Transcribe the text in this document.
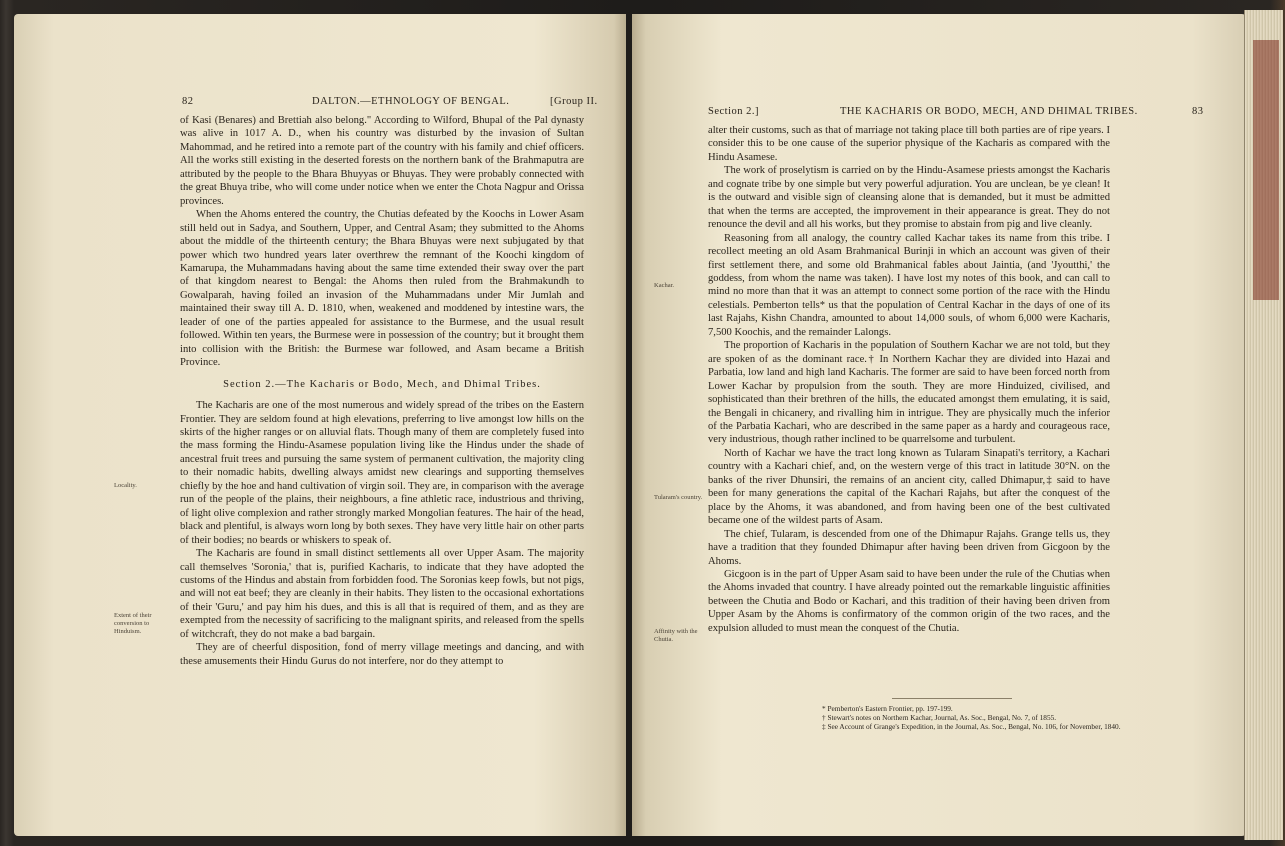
82	DALTON.—ETHNOLOGY OF BENGAL.	[Group II.

of Kasi (Benares) and Brettiah also belong." According to Wilford, Bhupal of the Pal dynasty was alive in 1017 A. D., when his country was disturbed by the invasion of Sultan Mahommad, and he retired into a remote part of the country with his family and chief officers. All the works still existing in the deserted forests on the northern bank of the Brahmaputra are attributed by the people to the Bhara Bhuyyas or Bhuyas. They were probably connected with the great Bhuya tribe, who will come under notice when we enter the Chota Nagpur and Orissa provinces.

When the Ahoms entered the country, the Chutias defeated by the Koochs in Lower Asam still held out in Sadya, and Southern, Upper, and Central Asam; they submitted to the Ahoms about the middle of the thirteenth century; the Bhara Bhuyas were next subjugated by that power which two hundred years later overthrew the remnant of the Koochi kingdom of Kamarupa, the Muhammadans having about the same time extended their sway over the part of that kingdom nearest to Bengal: the Ahoms then ruled from the Brahmakundh to Gowalparah, having foiled an invasion of the Muhammadans under Mir Jumlah and maintained their sway till A. D. 1810, when, weakened and moddened by intestine wars, the leader of one of the parties appealed for assistance to the Burmese, and the usual result followed. Within ten years, the Burmese were in possession of the country; but it brought them into collision with the British: the Burmese war followed, and Asam became a British Province.

Section 2.—The Kacharis or Bodo, Mech, and Dhimal Tribes.

The Kacharis are one of the most numerous and widely spread of the tribes on the Eastern Frontier. They are seldom found at high elevations, preferring to live amongst low hills on the skirts of the higher ranges or on alluvial flats. Though many of them are completely fused into the mass forming the Hindu-Asamese population living like the Hindus under the shade of ancestral fruit trees and pursuing the same system of permanent cultivation, the majority cling to their nomadic habits, dwelling always amidst new clearings and supporting themselves chiefly by the hoe and hand cultivation of virgin soil. They are, in comparison with the average run of the people of the plains, their neighbours, a fine athletic race, industrious and thriving, of light olive complexion and rather strongly marked Mongolian features. The hair of the head, black and plentiful, is always worn long by both sexes. They have very little hair on other parts of their bodies; no beards or whiskers to speak of.

The Kacharis are found in small distinct settlements all over Upper Asam. The majority call themselves 'Soronia,' that is, purified Kacharis, to indicate that they have adopted the customs of the Hindus and abstain from forbidden food. The Soronias keep fowls, but not pigs, and will not eat beef; they are cleanly in their habits. They listen to the occasional exhortations of their 'Guru,' and pay him his dues, and this is all that is required of them, and as they are exempted from the necessity of sacrificing to the malignant spirits, and released from the spells of witchcraft, they do not make a bad bargain.

They are of cheerful disposition, fond of merry village meetings and dancing, and with these amusements their Hindu Gurus do not interfere, nor do they attempt to

Locality.
Extent of their conversion to Hinduism.
Section 2.]	THE KACHARIS OR BODO, MECH, AND DHIMAL TRIBES.	83

alter their customs, such as that of marriage not taking place till both parties are of ripe years. I consider this to be one cause of the superior physique of the Kacharis as compared with the Hindu Asamese.

The work of proselytism is carried on by the Hindu-Asamese priests amongst the Kacharis and cognate tribe by one simple but very powerful adjuration. You are unclean, be ye clean! It is the outward and visible sign of cleansing alone that is demanded, but it must be admitted that when the terms are accepted, the improvement in their appearance is great. They do not renounce the devil and all his works, but they promise to abstain from pig and live cleanly.

Reasoning from all analogy, the country called Kachar takes its name from this tribe. I recollect meeting an old Asam Brahmanical Burinji in which an account was given of their first settlement there, and some old Brahmanical fables about Jaintia, (and 'Jyoutthi,' the goddess, from whom the name was taken). I have lost my notes of this book, and can call to mind no more than that it was an attempt to connect some portion of the race with the Hindu celestials. Pemberton tells* us that the population of Central Kachar in the days of one of its last Rajahs, Kishn Chandra, amounted to about 14,000 souls, of whom 6,000 were Kacharis, 7,500 Koochis, and the remainder Lalongs.

The proportion of Kacharis in the population of Southern Kachar we are not told, but they are spoken of as the dominant race.† In Northern Kachar they are divided into Hazai and Parbatia, low land and high land Kacharis. The former are said to have been forced north from Lower Kachar by propulsion from the south. They are more Hinduized, civilised, and sophisticated than their brethren of the hills, the educated amongst them emulating, it is said, the Bengali in chicanery, and rivalling him in intrigue. They are physically much the inferior of the Parbatia Kachari, who are described in the same paper as a hardy and courageous race, very industrious, though rather inclined to be quarrelsome and turbulent.

North of Kachar we have the tract long known as Tularam Sinapati's territory, a Kachari country with a Kachari chief, and, on the western verge of this tract in latitude 30°N. on the banks of the river Dhunsiri, the remains of an ancient city, called Dhimapur,‡ said to have been for many generations the capital of the Kachari Rajahs, but after the conquest of the place by the Ahoms, it was abandoned, and from having been one of the best cultivated became one of the wildest parts of Asam.

The chief, Tularam, is descended from one of the Dhimapur Rajahs. Grange tells us, they have a tradition that they founded Dhimapur after having been driven from Gicgoon by the Ahoms.

Gicgoon is in the part of Upper Asam said to have been under the rule of the Chutias when the Ahoms invaded that country. I have already pointed out the remarkable linguistic affinities between the Chutia and Bodo or Kachari, and this tradition of their having been driven from Upper Asam by the Ahoms is confirmatory of the common origin of the two races, and the expulsion alluded to must mean the conquest of the Chutia.

Kachar.
Tularam's country.
Affinity with the Chutia.
* Pemberton's Eastern Frontier, pp. 197-199.
† Stewart's notes on Northern Kachar, Journal, As. Soc., Bengal, No. 7, of 1855.
‡ See Account of Grange's Expedition, in the Journal, As. Soc., Bengal, No. 106, for November, 1840.
